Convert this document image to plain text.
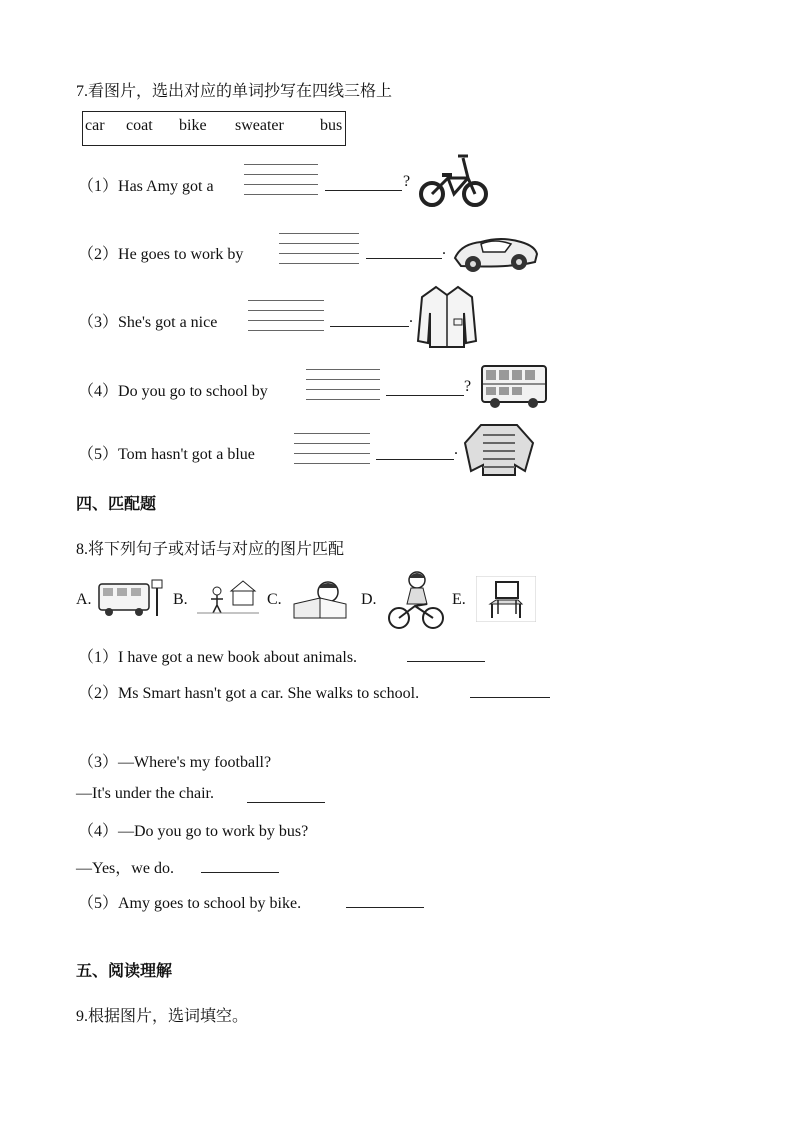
7.看图片，选出对应的单词抄写在四线三格上
car coat bike sweater bus
（1）Has Amy got a	?
（2）He goes to work by	.
（3）She's got a nice	.
（4）Do you go to school by	?
（5）Tom hasn't got a blue	.
四、匹配题
8.将下列句子或对话与对应的图片匹配
A.	B.	C.	D.	E.
（1）I have got a new book about animals.
（2）Ms Smart hasn't got a car. She walks to school.
（3）—Where's my football?
—It's under the chair.
（4）—Do you go to work by bus?
—Yes，we do.
（5）Amy goes to school by bike.
五、阅读理解
9.根据图片，选词填空。
